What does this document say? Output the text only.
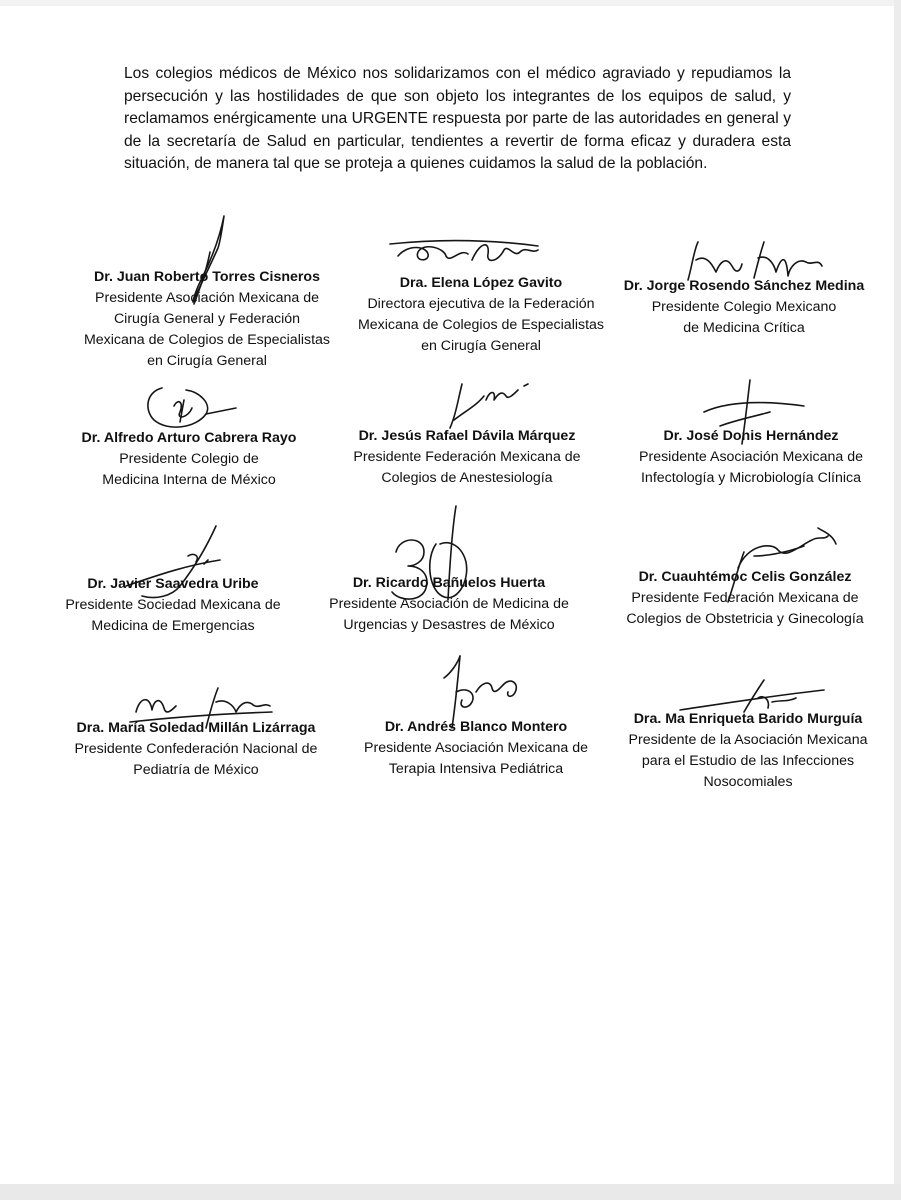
Los colegios médicos de México nos solidarizamos con el médico agraviado y repudiamos la persecución y las hostilidades de que son objeto los integrantes de los equipos de salud, y reclamamos enérgicamente una URGENTE respuesta por parte de las autoridades en general y de la secretaría de Salud en particular, tendientes a revertir de forma eficaz y duradera esta situación, de manera tal que se proteja a quienes cuidamos la salud de la población.

Dr. Juan Roberto Torres Cisneros
Presidente Asociación Mexicana de
Cirugía General y Federación
Mexicana de Colegios de Especialistas
en Cirugía General
Dra. Elena López Gavito
Directora ejecutiva de la Federación
Mexicana de Colegios de Especialistas
en Cirugía General
Dr. Jorge Rosendo Sánchez Medina
Presidente Colegio Mexicano
de Medicina Crítica
Dr. Alfredo Arturo Cabrera Rayo
Presidente Colegio de
Medicina Interna de México
Dr. Jesús Rafael Dávila Márquez
Presidente Federación Mexicana de
Colegios de Anestesiología
Dr. José Donis Hernández
Presidente Asociación Mexicana de
Infectología y Microbiología Clínica
Dr. Javier Saavedra Uribe
Presidente Sociedad Mexicana de
Medicina de Emergencias
Dr. Ricardo Bañuelos Huerta
Presidente Asociación de Medicina de
Urgencias y Desastres de México
Dr. Cuauhtémoc Celis González
Presidente Federación Mexicana de
Colegios de Obstetricia y Ginecología
Dra. María Soledad Millán Lizárraga
Presidente Confederación Nacional de
Pediatría de México
Dr. Andrés Blanco Montero
Presidente Asociación Mexicana de
Terapia Intensiva Pediátrica
Dra. Ma Enriqueta Barido Murguía
Presidente de la Asociación Mexicana
para el Estudio de las Infecciones
Nosocomiales
